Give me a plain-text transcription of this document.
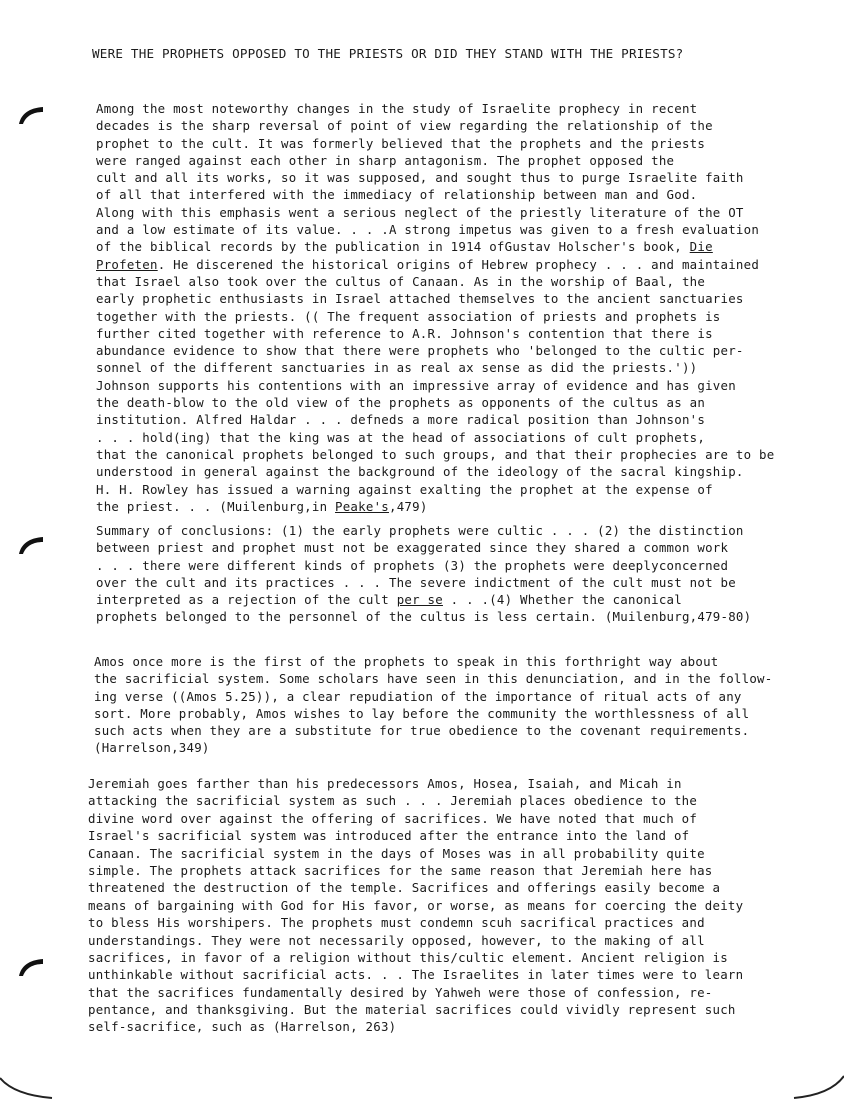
WERE THE PROPHETS OPPOSED TO THE PRIESTS OR DID THEY STAND WITH THE PRIESTS?
Among the most noteworthy changes in the study of Israelite prophecy in recent
decades is the sharp reversal of point of view regarding the relationship of the
prophet to the cult. It was formerly believed that the prophets and the priests
were ranged against each other in sharp antagonism. The prophet opposed the
cult and all its works, so it was supposed, and sought thus to purge Israelite faith
of all that interfered with the immediacy of relationship between man and God.
Along with this emphasis went a serious neglect of the priestly literature of the OT
and a low estimate of its value. . . .A strong impetus was given to a fresh evaluation
of the biblical records by the publication in 1914 ofGustav Holscher's book, Die
Profeten. He discerened the historical origins of Hebrew prophecy . . . and maintained
that Israel also took over the cultus of Canaan. As in the worship of Baal, the
early prophetic enthusiasts in Israel attached themselves to the ancient sanctuaries
together with the priests. (( The frequent association of priests and prophets is
further cited together with reference to A.R. Johnson's contention that there is
abundance evidence to show that there were prophets who 'belonged to the cultic per-
sonnel of the different sanctuaries in as real ax sense as did the priests.'))
Johnson supports his contentions with an impressive array of evidence and has given
the death-blow to the old view of the prophets as opponents of the cultus as an
institution. Alfred Haldar . . . defneds a more radical position than Johnson's
. . . hold(ing) that the king was at the head of associations of cult prophets,
that the canonical prophets belonged to such groups, and that their prophecies are to be
understood in general against the background of the ideology of the sacral kingship.
H. H. Rowley has issued a warning against exalting the prophet at the expense of
the priest. . . (Muilenburg,in Peake's,479)
Summary of conclusions: (1) the early prophets were cultic . . . (2) the distinction
between priest and prophet must not be exaggerated since they shared a common work
. . . there were different kinds of prophets (3) the prophets were deeplyconcerned
over the cult and its practices . . . The severe indictment of the cult must not be
interpreted as a rejection of the cult per se . . .(4) Whether the canonical
prophets belonged to the personnel of the cultus is less certain. (Muilenburg,479-80)
Amos once more is the first of the prophets to speak in this forthright way about
the sacrificial system. Some scholars have seen in this denunciation, and in the follow-
ing verse ((Amos 5.25)), a clear repudiation of the importance of ritual acts of any
sort. More probably, Amos wishes to lay before the community the worthlessness of all
such acts when they are a substitute for true obedience to the covenant requirements.
(Harrelson,349)
Jeremiah goes farther than his predecessors Amos, Hosea, Isaiah, and Micah in
attacking the sacrificial system as such . . . Jeremiah places obedience to the
divine word over against the offering of sacrifices. We have noted that much of
Israel's sacrificial system was introduced after the entrance into the land of
Canaan. The sacrificial system in the days of Moses was in all probability quite
simple. The prophets attack sacrifices for the same reason that Jeremiah here has
threatened the destruction of the temple. Sacrifices and offerings easily become a
means of bargaining with God for His favor, or worse, as means for coercing the deity
to bless His worshipers. The prophets must condemn scuh sacrifical practices and
understandings. They were not necessarily opposed, however, to the making of all
sacrifices, in favor of a religion without this/cultic element. Ancient religion is
unthinkable without sacrificial acts. . . The Israelites in later times were to learn
that the sacrifices fundamentally desired by Yahweh were those of confession, re-
pentance, and thanksgiving. But the material sacrifices could vividly represent such
self-sacrifice, such as (Harrelson, 263)
